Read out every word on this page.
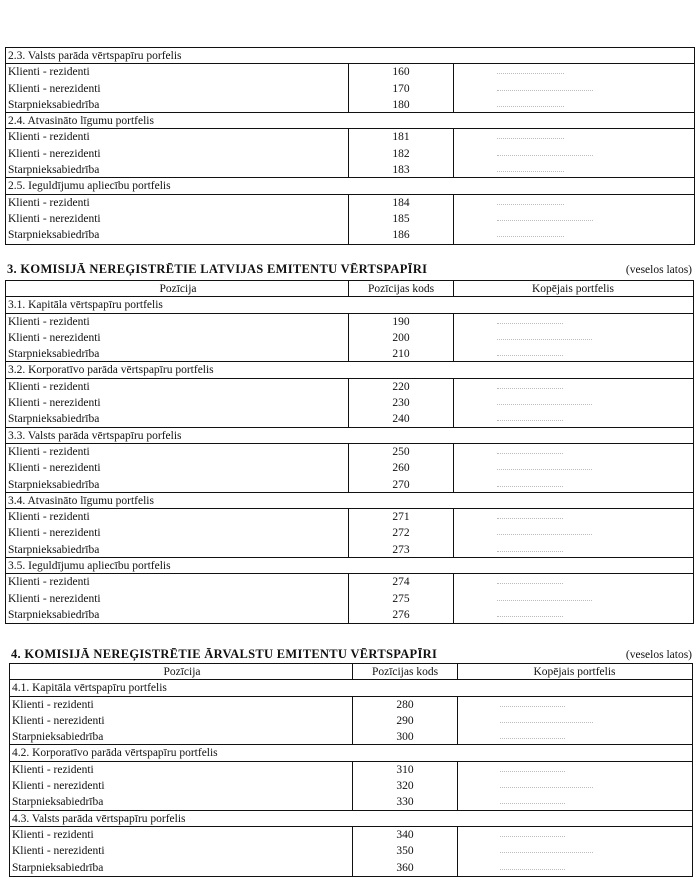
2.3. Valsts parāda vērtspapīru porfelis
Klienti - rezidenti	160
Klienti - nerezidenti	170
Starpnieksabiedrība	180
2.4. Atvasināto līgumu portfelis
Klienti - rezidenti	181
Klienti - nerezidenti	182
Starpnieksabiedrība	183
2.5. Ieguldījumu apliecību portfelis
Klienti - rezidenti	184
Klienti - nerezidenti	185
Starpnieksabiedrība	186
3. KOMISIJĀ NEREĢISTRĒTIE LATVIJAS EMITENTU VĒRTSPAPĪRI	(veselos latos)
Pozīcija	Pozīcijas kods	Kopējais portfelis
3.1. Kapitāla vērtspapīru portfelis
Klienti - rezidenti	190
Klienti - nerezidenti	200
Starpnieksabiedrība	210
3.2. Korporatīvo parāda vērtspapīru portfelis
Klienti - rezidenti	220
Klienti - nerezidenti	230
Starpnieksabiedrība	240
3.3. Valsts parāda vērtspapīru porfelis
Klienti - rezidenti	250
Klienti - nerezidenti	260
Starpnieksabiedrība	270
3.4. Atvasināto līgumu portfelis
Klienti - rezidenti	271
Klienti - nerezidenti	272
Starpnieksabiedrība	273
3.5. Ieguldījumu apliecību portfelis
Klienti - rezidenti	274
Klienti - nerezidenti	275
Starpnieksabiedrība	276
4. KOMISIJĀ NEREĢISTRĒTIE ĀRVALSTU EMITENTU VĒRTSPAPĪRI	(veselos latos)
Pozīcija	Pozīcijas kods	Kopējais portfelis
4.1. Kapitāla vērtspapīru portfelis
Klienti - rezidenti	280
Klienti - nerezidenti	290
Starpnieksabiedrība	300
4.2. Korporatīvo parāda vērtspapīru portfelis
Klienti - rezidenti	310
Klienti - nerezidenti	320
Starpnieksabiedrība	330
4.3. Valsts parāda vērtspapīru porfelis
Klienti - rezidenti	340
Klienti - nerezidenti	350
Starpnieksabiedrība	360
